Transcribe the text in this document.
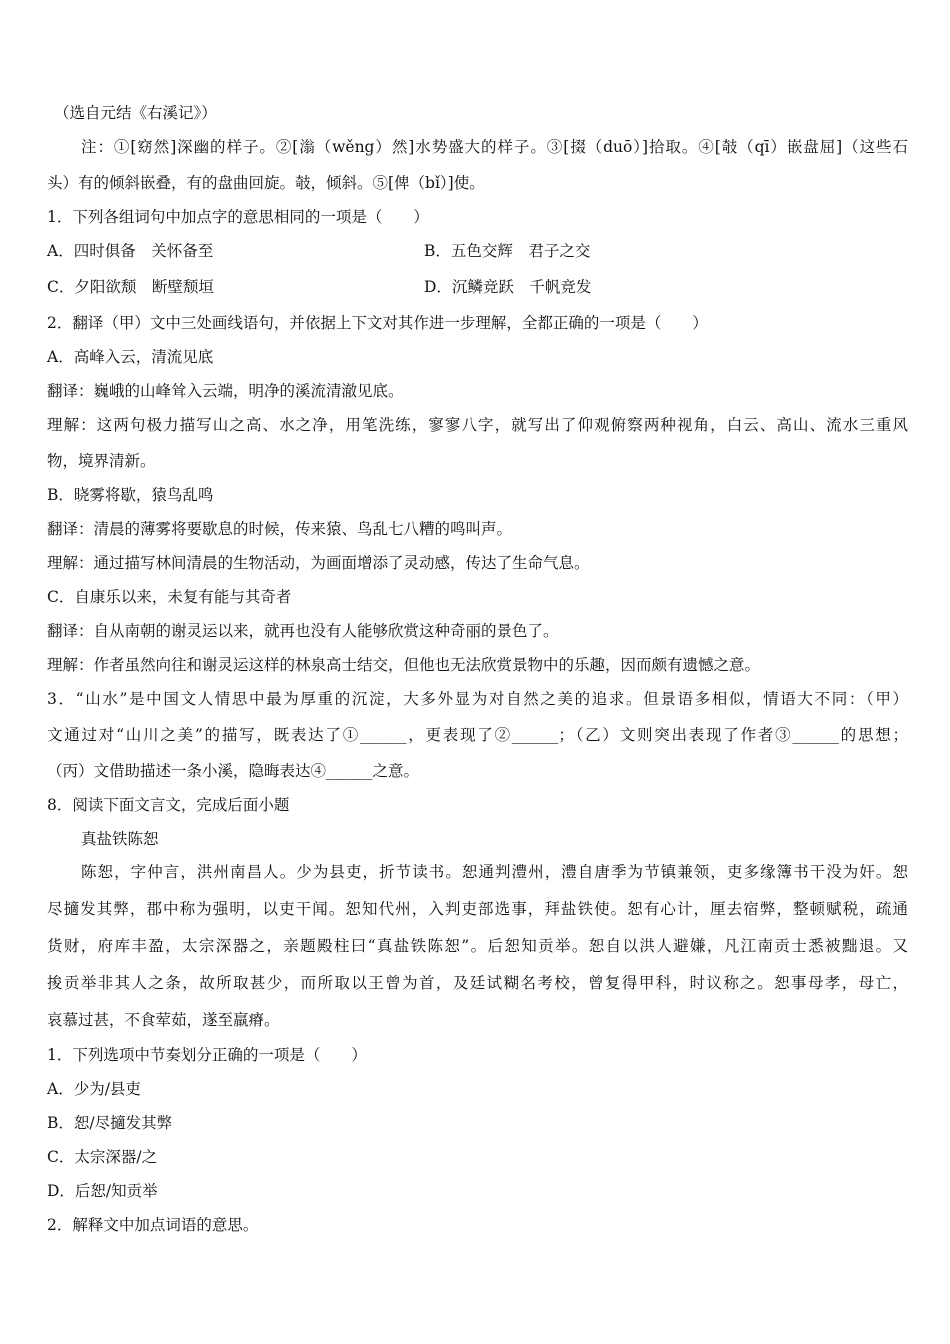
（选自元结《右溪记》）
注：①[窈然]深幽的样子。②[滃（wěng）然]水势盛大的样子。③[掇（duō）]拾取。④[攲（qī）嵌盘屈]（这些石
头）有的倾斜嵌叠，有的盘曲回旋。攲，倾斜。⑤[俾（bǐ）]使。
1．下列各组词句中加点字的意思相同的一项是（　　）
A．四时俱备　关怀备至	B．五色交辉　君子之交
C．夕阳欲颓　断壁颓垣	D．沉鳞竞跃　千帆竞发
2．翻译（甲）文中三处画线语句，并依据上下文对其作进一步理解，全都正确的一项是（　　）
A．高峰入云，清流见底
翻译：巍峨的山峰耸入云端，明净的溪流清澈见底。
理解：这两句极力描写山之高、水之净，用笔洗练，寥寥八字，就写出了仰观俯察两种视角，白云、高山、流水三重风
物，境界清新。
B．晓雾将歇，猿鸟乱鸣
翻译：清晨的薄雾将要歇息的时候，传来猿、鸟乱七八糟的鸣叫声。
理解：通过描写林间清晨的生物活动，为画面增添了灵动感，传达了生命气息。
C．自康乐以来，未复有能与其奇者
翻译：自从南朝的谢灵运以来，就再也没有人能够欣赏这种奇丽的景色了。
理解：作者虽然向往和谢灵运这样的林泉高士结交，但他也无法欣赏景物中的乐趣，因而颇有遗憾之意。
3．“山水”是中国文人情思中最为厚重的沉淀，大多外显为对自然之美的追求。但景语多相似，情语大不同：（甲）
文通过对“山川之美”的描写，既表达了①______，更表现了②______；（乙）文则突出表现了作者③______的思想；
（丙）文借助描述一条小溪，隐晦表达④______之意。
8．阅读下面文言文，完成后面小题
真盐铁陈恕
陈恕，字仲言，洪州南昌人。少为县吏，折节读书。恕通判澧州，澧自唐季为节镇兼领，吏多缘簿书干没为奸。恕
尽擿发其弊，郡中称为强明，以吏干闻。恕知代州，入判吏部选事，拜盐铁使。恕有心计，厘去宿弊，整顿赋税，疏通
货财，府库丰盈，太宗深器之，亲题殿柱曰“真盐铁陈恕”。后恕知贡举。恕自以洪人避嫌，凡江南贡士悉被黜退。又
捘贡举非其人之条，故所取甚少，而所取以王曾为首，及廷试糊名考校，曾复得甲科，时议称之。恕事母孝，母亡，
哀慕过甚，不食荤茹，遂至羸瘠。
1．下列选项中节奏划分正确的一项是（　　）
A．少为/县吏
B．恕/尽擿发其弊
C．太宗深器/之
D．后恕/知贡举
2．解释文中加点词语的意思。
